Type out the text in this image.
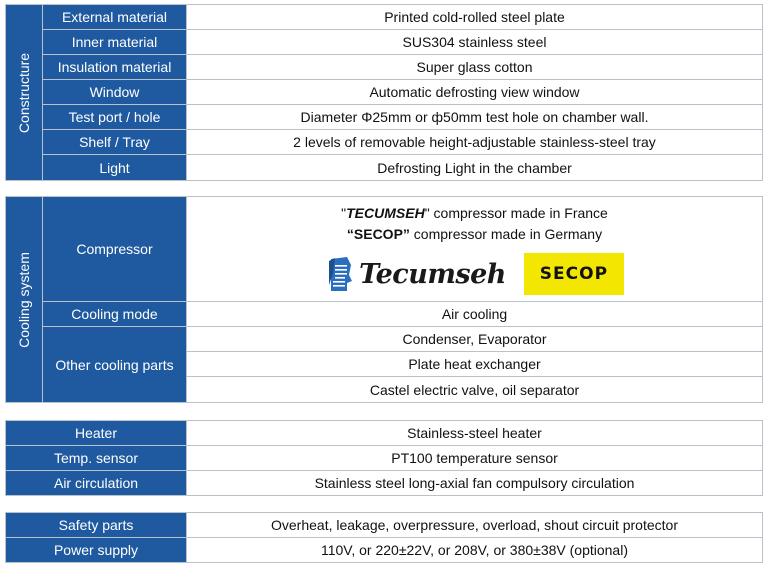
Constructure	External material	Printed cold-rolled steel plate
	Inner material	SUS304 stainless steel
	Insulation material	Super glass cotton
	Window	Automatic defrosting view window
	Test port / hole	Diameter Φ25mm or ф50mm test hole on chamber wall.
	Shelf / Tray	2 levels of removable height-adjustable stainless-steel tray
	Light	Defrosting Light in the chamber
Cooling system	Compressor	"TECUMSEH" compressor made in France
“SECOP” compressor made in Germany
Tecumseh SECOP

	Cooling mode	Air cooling
	Other cooling parts	Condenser, Evaporator
		Plate heat exchanger
		Castel electric valve, oil separator
Heater	Stainless-steel heater
Temp. sensor	PT100 temperature sensor
Air circulation	Stainless steel long-axial fan compulsory circulation
Safety parts	Overheat, leakage, overpressure, overload, shout circuit protector
Power supply	110V, or 220±22V, or 208V, or 380±38V (optional)
